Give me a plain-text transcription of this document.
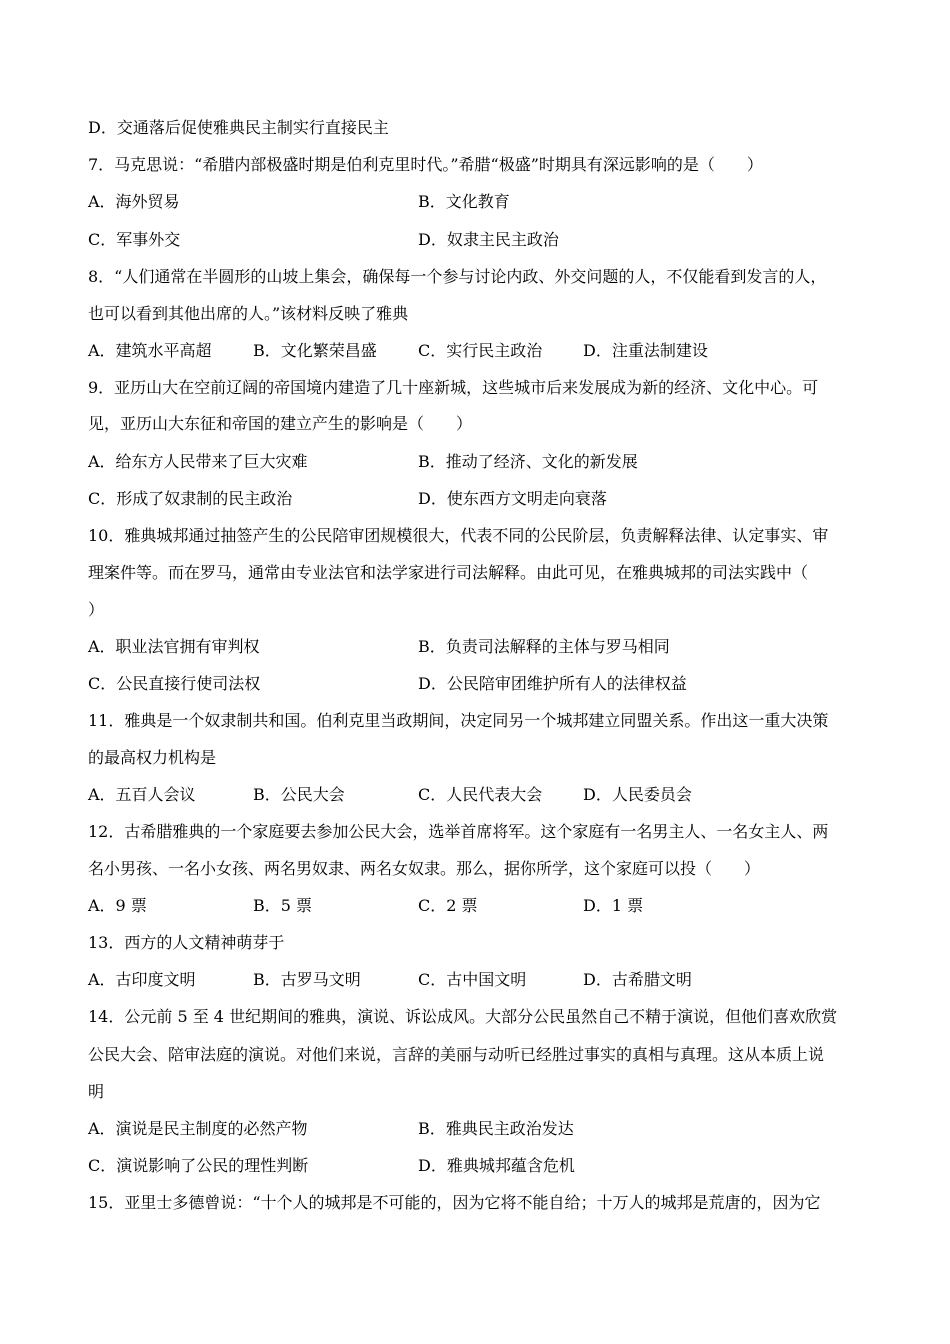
D．交通落后促使雅典民主制实行直接民主
7．马克思说：“希腊内部极盛时期是伯利克里时代。”希腊“极盛”时期具有深远影响的是（　　）
A．海外贸易	B．文化教育
C．军事外交	D．奴隶主民主政治
8．“人们通常在半圆形的山坡上集会，确保每一个参与讨论内政、外交问题的人，不仅能看到发言的人，
也可以看到其他出席的人。”该材料反映了雅典
A．建筑水平高超	B．文化繁荣昌盛	C．实行民主政治	D．注重法制建设
9．亚历山大在空前辽阔的帝国境内建造了几十座新城，这些城市后来发展成为新的经济、文化中心。可
见，亚历山大东征和帝国的建立产生的影响是（　　）
A．给东方人民带来了巨大灾难	B．推动了经济、文化的新发展
C．形成了奴隶制的民主政治	D．使东西方文明走向衰落
10．雅典城邦通过抽签产生的公民陪审团规模很大，代表不同的公民阶层，负责解释法律、认定事实、审
理案件等。而在罗马，通常由专业法官和法学家进行司法解释。由此可见，在雅典城邦的司法实践中（
）
A．职业法官拥有审判权	B．负责司法解释的主体与罗马相同
C．公民直接行使司法权	D．公民陪审团维护所有人的法律权益
11．雅典是一个奴隶制共和国。伯利克里当政期间，决定同另一个城邦建立同盟关系。作出这一重大决策
的最高权力机构是
A．五百人会议	B．公民大会	C．人民代表大会	D．人民委员会
12．古希腊雅典的一个家庭要去参加公民大会，选举首席将军。这个家庭有一名男主人、一名女主人、两
名小男孩、一名小女孩、两名男奴隶、两名女奴隶。那么，据你所学，这个家庭可以投（　　）
A．9 票	B．5 票	C．2 票	D．1 票
13．西方的人文精神萌芽于
A．古印度文明	B．古罗马文明	C．古中国文明	D．古希腊文明
14．公元前 5 至 4 世纪期间的雅典，演说、诉讼成风。大部分公民虽然自己不精于演说，但他们喜欢欣赏
公民大会、陪审法庭的演说。对他们来说，言辞的美丽与动听已经胜过事实的真相与真理。这从本质上说
明
A．演说是民主制度的必然产物	B．雅典民主政治发达
C．演说影响了公民的理性判断	D．雅典城邦蕴含危机
15．亚里士多德曾说：“十个人的城邦是不可能的，因为它将不能自给；十万人的城邦是荒唐的，因为它
